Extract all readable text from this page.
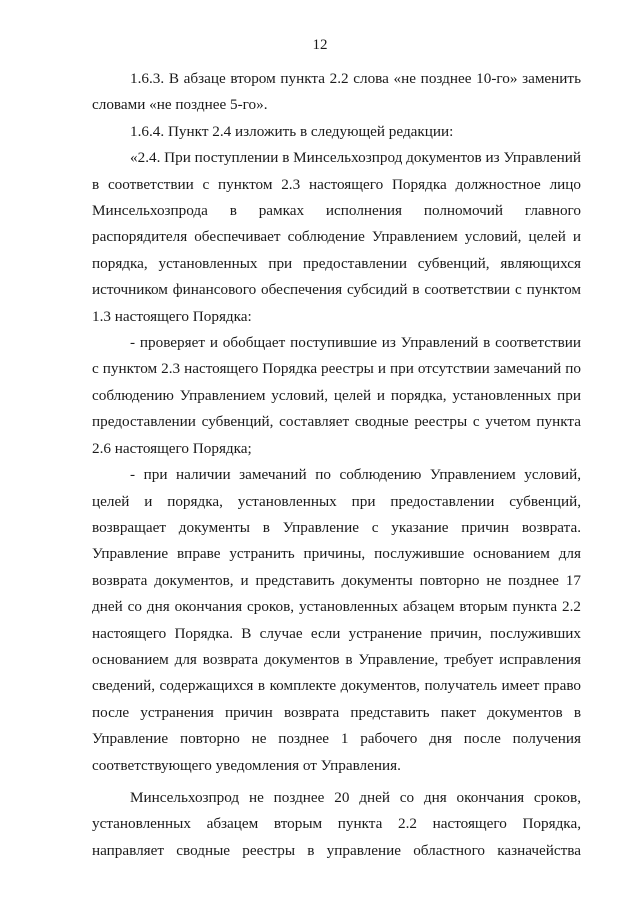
12

1.6.3. В абзаце втором пункта 2.2 слова «не позднее 10-го» заменить словами «не позднее 5-го».

1.6.4. Пункт 2.4 изложить в следующей редакции:

«2.4. При поступлении в Минсельхозпрод документов из Управлений в соответствии с пунктом 2.3 настоящего Порядка должностное лицо Минсельхозпрода в рамках исполнения полномочий главного распорядителя обеспечивает соблюдение Управлением условий, целей и порядка, установленных при предоставлении субвенций, являющихся источником финансового обеспечения субсидий в соответствии с пунктом 1.3 настоящего Порядка:

- проверяет и обобщает поступившие из Управлений в соответствии с пунктом 2.3 настоящего Порядка реестры и при отсутствии замечаний по соблюдению Управлением условий, целей и порядка, установленных при предоставлении субвенций, составляет сводные реестры с учетом пункта 2.6 настоящего Порядка;

- при наличии замечаний по соблюдению Управлением условий, целей и порядка, установленных при предоставлении субвенций, возвращает документы в Управление с указание причин возврата. Управление вправе устранить причины, послужившие основанием для возврата документов, и представить документы повторно не позднее 17 дней со дня окончания сроков, установленных абзацем вторым пункта 2.2 настоящего Порядка. В случае если устранение причин, послуживших основанием для возврата документов в Управление, требует исправления сведений, содержащихся в комплекте документов, получатель имеет право после устранения причин возврата представить пакет документов в Управление повторно не позднее 1 рабочего дня после получения соответствующего уведомления от Управления.

Минсельхозпрод не позднее 20 дней со дня окончания сроков, установленных абзацем вторым пункта 2.2 настоящего Порядка, направляет сводные реестры в управление областного казначейства
